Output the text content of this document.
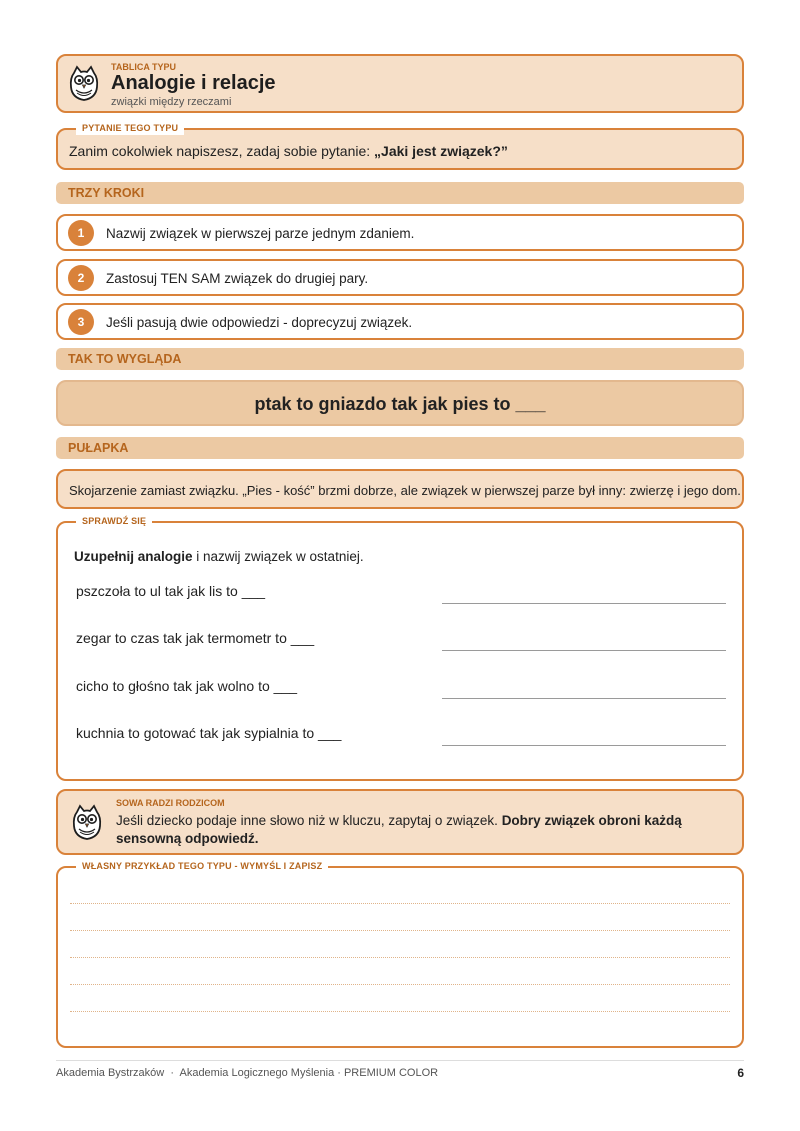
TABLICA TYPU
Analogie i relacje
związki między rzeczami
PYTANIE TEGO TYPU
Zanim cokolwiek napiszesz, zadaj sobie pytanie: „Jaki jest związek?”
TRZY KROKI
1	Nazwij związek w pierwszej parze jednym zdaniem.
2	Zastosuj TEN SAM związek do drugiej pary.
3	Jeśli pasują dwie odpowiedzi - doprecyzuj związek.
TAK TO WYGLĄDA
ptak to gniazdo tak jak pies to ___
PUŁAPKA
Skojarzenie zamiast związku. „Pies - kość” brzmi dobrze, ale związek w pierwszej parze był inny: zwierzę i jego dom.
SPRAWDŹ SIĘ
Uzupełnij analogie i nazwij związek w ostatniej.
pszczoła to ul tak jak lis to ___
zegar to czas tak jak termometr to ___
cicho to głośno tak jak wolno to ___
kuchnia to gotować tak jak sypialnia to ___
SOWA RADZI RODZICOM
Jeśli dziecko podaje inne słowo niż w kluczu, zapytaj o związek. Dobry związek obroni każdą sensowną odpowiedź.
WŁASNY PRZYKŁAD TEGO TYPU - WYMYŚL I ZAPISZ
Akademia Bystrzaków  ·  Akademia Logicznego Myślenia · PREMIUM COLOR	6
